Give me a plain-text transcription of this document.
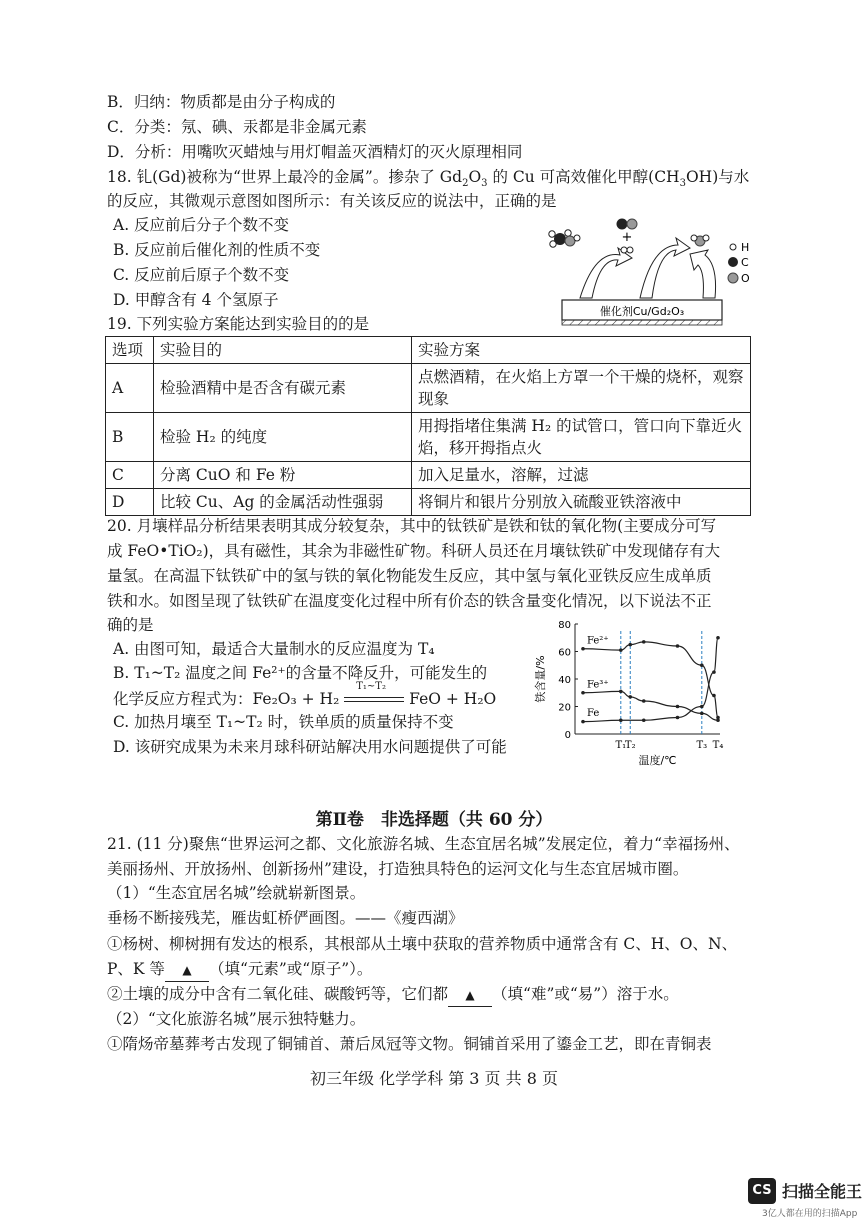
B．归纳：物质都是由分子构成的
C．分类：氖、碘、汞都是非金属元素
D．分析：用嘴吹灭蜡烛与用灯帽盖灭酒精灯的灭火原理相同
18. 钆(Gd)被称为“世界上最冷的金属”。掺杂了 $Gd_2O_3$ 的 Cu 可高效催化甲醇$(CH_3OH)$与水
的反应，其微观示意图如图所示：有关该反应的说法中，正确的是
A. 反应前后分子个数不变
B. 反应前后催化剂的性质不变
C. 反应前后原子个数不变
D. 甲醇含有 4 个氢原子
催化剂Cu/Gd₂O₃
+
H
C
O
19. 下列实验方案能达到实验目的的是
选项	实验目的	实验方案
A	检验酒精中是否含有碳元素	点燃酒精，在火焰上方罩一个干燥的烧杯，观察现象
B	检验 H₂ 的纯度	用拇指堵住集满 H₂ 的试管口，管口向下靠近火焰，移开拇指点火
C	分离 CuO 和 Fe 粉	加入足量水，溶解，过滤
D	比较 Cu、Ag 的金属活动性强弱	将铜片和银片分别放入硫酸亚铁溶液中
20. 月壤样品分析结果表明其成分较复杂，其中的钛铁矿是铁和钛的氧化物(主要成分可写
成 FeO•TiO₂)，具有磁性，其余为非磁性矿物。科研人员还在月壤钛铁矿中发现储存有大
量氢。在高温下钛铁矿中的氢与铁的氧化物能发生反应，其中氢与氧化亚铁反应生成单质
铁和水。如图呈现了钛铁矿在温度变化过程中所有价态的铁含量变化情况，以下说法不正
确的是
A. 由图可知，最适合大量制水的反应温度为 T₄
B. T₁~T₂ 温度之间 Fe²⁺的含量不降反升，可能发生的
化学反应方程式为：Fe₂O₃ + H₂
T₁~T₂
FeO + H₂O
C. 加热月壤至 T₁~T₂ 时，铁单质的质量保持不变
D. 该研究成果为未来月球科研站解决用水问题提供了可能
0
20
40
60
80
铁含量/%
温度/℃
T₁
T₂	T₃ T₄
Fe²⁺
Fe³⁺
Fe
第Ⅱ卷　非选择题（共 60 分）
21. (11 分)聚焦“世界运河之都、文化旅游名城、生态宜居名城”发展定位，着力“幸福扬州、
美丽扬州、开放扬州、创新扬州”建设，打造独具特色的运河文化与生态宜居城市圈。
（1）“生态宜居名城”绘就崭新图景。
垂杨不断接残芜，雁齿虹桥俨画图。——《瘦西湖》
①杨树、柳树拥有发达的根系，其根部从土壤中获取的营养物质中通常含有 C、H、O、N、
P、K 等 ▲ （填“元素”或“原子”）。
②土壤的成分中含有二氧化硅、碳酸钙等，它们都 ▲ （填“难”或“易”）溶于水。
（2）“文化旅游名城”展示独特魅力。
①隋炀帝墓葬考古发现了铜铺首、萧后凤冠等文物。铜铺首采用了鎏金工艺，即在青铜表
初三年级 化学学科 第 3 页 共 8 页
CS 扫描全能王
3亿人都在用的扫描App
